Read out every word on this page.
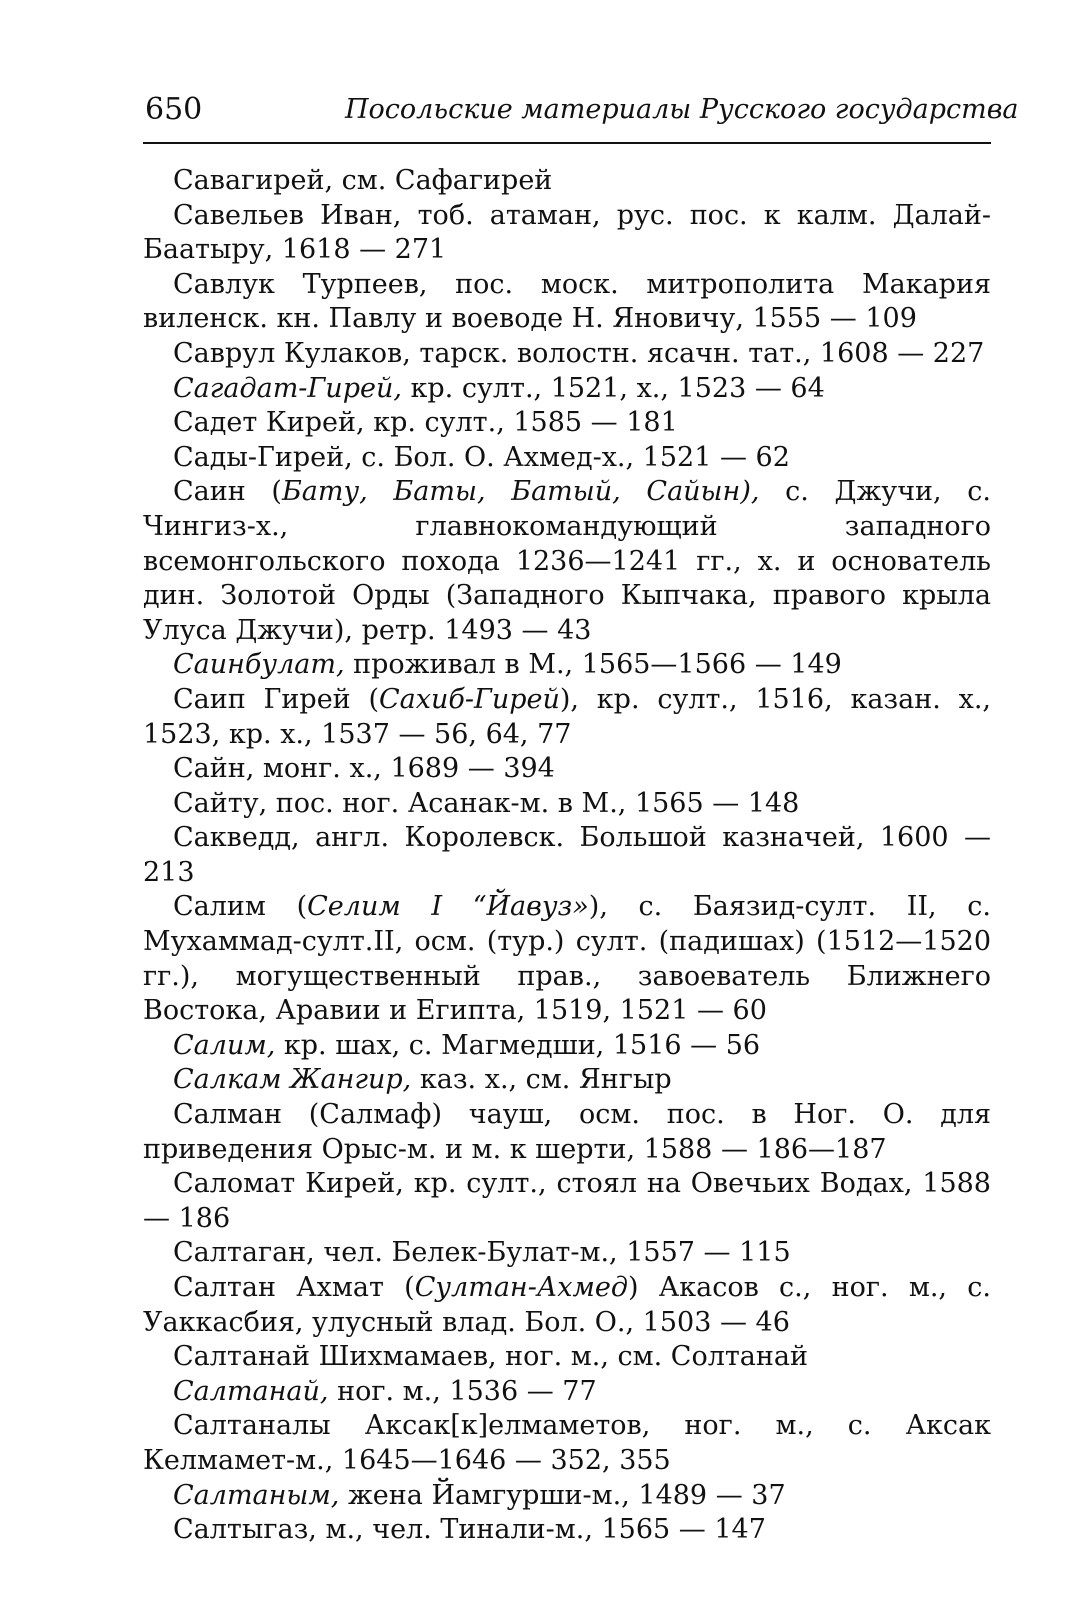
650	Посольские материалы Русского государства

Савагирей, см. Сафагирей

Савельев Иван, тоб. атаман, рус. пос. к калм. Далай-Баатыру, 1618 — 271

Савлук Турпеев, пос. моск. митрополита Макария виленск. кн. Павлу и воеводе Н. Яновичу, 1555 — 109

Саврул Кулаков, тарск. волостн. ясачн. тат., 1608 — 227

Сагадат-Гирей, кр. султ., 1521, х., 1523 — 64

Садет Кирей, кр. султ., 1585 — 181

Сады-Гирей, с. Бол. О. Ахмед-х., 1521 — 62

Саин (Бату, Баты, Батый, Сайын), с. Джучи, с. Чингиз-х., главнокомандующий западного всемонгольского похода 1236—1241 гг., х. и основатель дин. Золотой Орды (Западного Кыпчака, правого крыла Улуса Джучи), ретр. 1493 — 43

Саинбулат, проживал в М., 1565—1566 — 149

Саип Гирей (Сахиб-Гирей), кр. султ., 1516, казан. х., 1523, кр. х., 1537 — 56, 64, 77

Сайн, монг. х., 1689 — 394

Сайту, пос. ног. Асанак-м. в М., 1565 — 148

Сакведд, англ. Королевск. Большой казначей, 1600 — 213

Салим (Селим I “Йавуз»), с. Баязид-султ. II, с. Мухаммад-султ.II, осм. (тур.) султ. (падишах) (1512—1520 гг.), могущественный прав., завоеватель Ближнего Востока, Аравии и Египта, 1519, 1521 — 60

Салим, кр. шах, с. Магмедши, 1516 — 56

Салкам Жангир, каз. х., см. Янгыр

Салман (Салмаф) чауш, осм. пос. в Ног. О. для приведения Орыс-м. и м. к шерти, 1588 — 186—187

Саломат Кирей, кр. султ., стоял на Овечьих Водах, 1588 — 186

Салтаган, чел. Белек-Булат-м., 1557 — 115

Салтан Ахмат (Султан-Ахмед) Акасов с., ног. м., с. Уаккасбия, улусный влад. Бол. О., 1503 — 46

Салтанай Шихмамаев, ног. м., см. Солтанай

Салтанай, ног. м., 1536 — 77

Салтаналы Аксак[к]елмаметов, ног. м., с. Аксак Келмамет-м., 1645—1646 — 352, 355

Салтаным, жена Йамгурши-м., 1489 — 37

Салтыгаз, м., чел. Тинали-м., 1565 — 147
